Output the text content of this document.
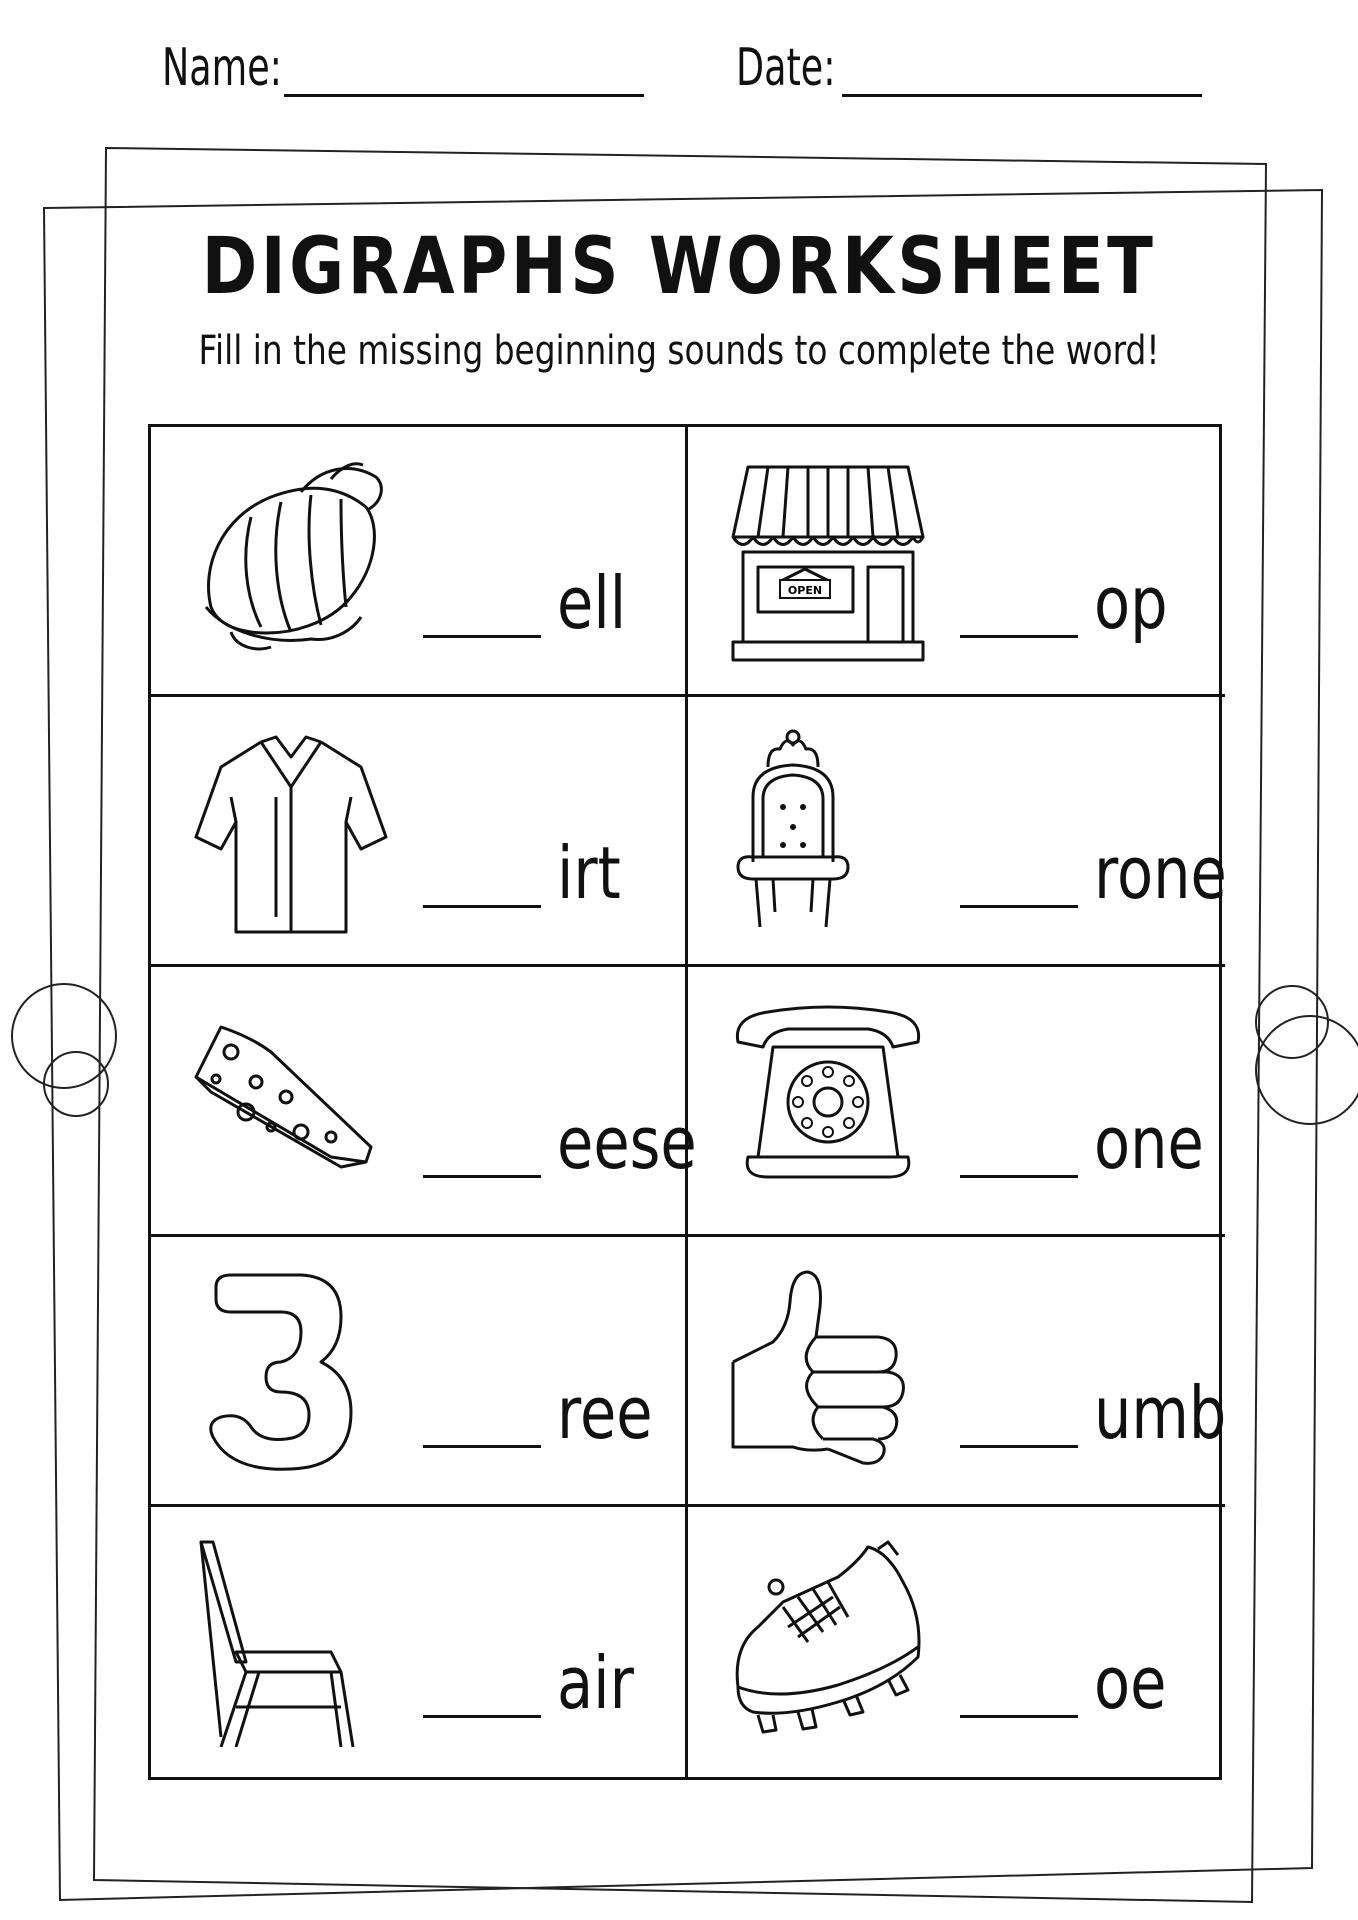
Name:	Date:
DIGRAPHS WORKSHEET
Fill in the missing beginning sounds to complete the word!
ell	OPEN	op
irt	rone
eese	one
ree	umb
air	oe
